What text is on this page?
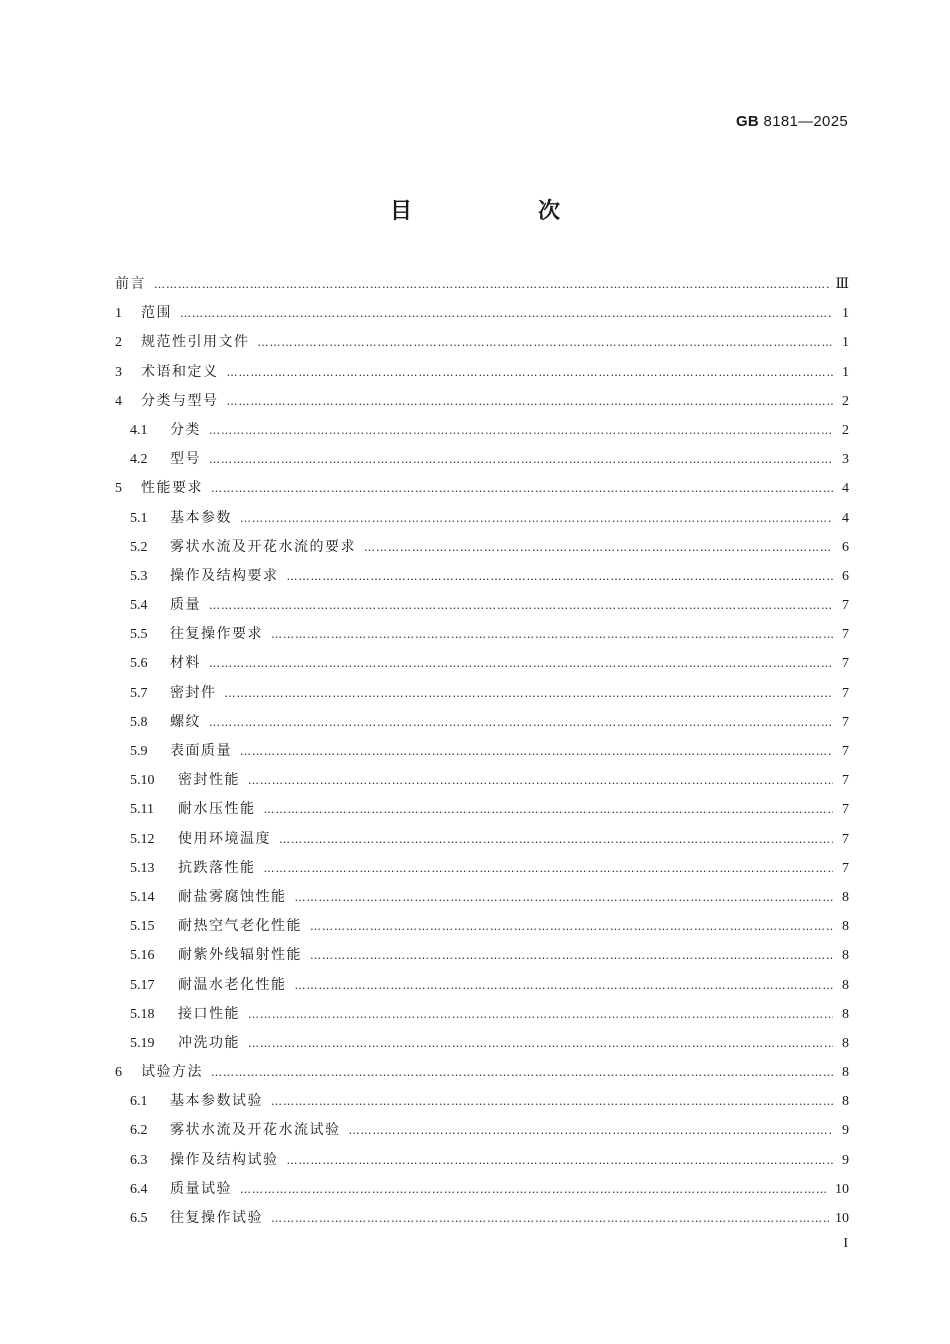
GB 8181—2025
目　次
前言 …………………………………………………………………………………………………………………………………………………………………………………………………………………………	Ⅲ
1	范围 …………………………………………………………………………………………………………………………………………………………………………………………………………………………	1
2	规范性引用文件 …………………………………………………………………………………………………………………………………………………………………………………………………………………………	1
3	术语和定义 …………………………………………………………………………………………………………………………………………………………………………………………………………………………	1
4	分类与型号 …………………………………………………………………………………………………………………………………………………………………………………………………………………………	2
4.1	分类 …………………………………………………………………………………………………………………………………………………………………………………………………………………………	2
4.2	型号 …………………………………………………………………………………………………………………………………………………………………………………………………………………………	3
5	性能要求 …………………………………………………………………………………………………………………………………………………………………………………………………………………………	4
5.1	基本参数 …………………………………………………………………………………………………………………………………………………………………………………………………………………………	4
5.2	雾状水流及开花水流的要求 …………………………………………………………………………………………………………………………………………………………………………………………………………………………	6
5.3	操作及结构要求 …………………………………………………………………………………………………………………………………………………………………………………………………………………………	6
5.4	质量 …………………………………………………………………………………………………………………………………………………………………………………………………………………………	7
5.5	往复操作要求 …………………………………………………………………………………………………………………………………………………………………………………………………………………………	7
5.6	材料 …………………………………………………………………………………………………………………………………………………………………………………………………………………………	7
5.7	密封件 …………………………………………………………………………………………………………………………………………………………………………………………………………………………	7
5.8	螺纹 …………………………………………………………………………………………………………………………………………………………………………………………………………………………	7
5.9	表面质量 …………………………………………………………………………………………………………………………………………………………………………………………………………………………	7
5.10	密封性能 …………………………………………………………………………………………………………………………………………………………………………………………………………………………	7
5.11	耐水压性能 …………………………………………………………………………………………………………………………………………………………………………………………………………………………	7
5.12	使用环境温度 …………………………………………………………………………………………………………………………………………………………………………………………………………………………	7
5.13	抗跌落性能 …………………………………………………………………………………………………………………………………………………………………………………………………………………………	7
5.14	耐盐雾腐蚀性能 …………………………………………………………………………………………………………………………………………………………………………………………………………………………	8
5.15	耐热空气老化性能 …………………………………………………………………………………………………………………………………………………………………………………………………………………………	8
5.16	耐紫外线辐射性能 …………………………………………………………………………………………………………………………………………………………………………………………………………………………	8
5.17	耐温水老化性能 …………………………………………………………………………………………………………………………………………………………………………………………………………………………	8
5.18	接口性能 …………………………………………………………………………………………………………………………………………………………………………………………………………………………	8
5.19	冲洗功能 …………………………………………………………………………………………………………………………………………………………………………………………………………………………	8
6	试验方法 …………………………………………………………………………………………………………………………………………………………………………………………………………………………	8
6.1	基本参数试验 …………………………………………………………………………………………………………………………………………………………………………………………………………………………	8
6.2	雾状水流及开花水流试验 …………………………………………………………………………………………………………………………………………………………………………………………………………………………	9
6.3	操作及结构试验 …………………………………………………………………………………………………………………………………………………………………………………………………………………………	9
6.4	质量试验 …………………………………………………………………………………………………………………………………………………………………………………………………………………………	10
6.5	往复操作试验 …………………………………………………………………………………………………………………………………………………………………………………………………………………………	10
I
